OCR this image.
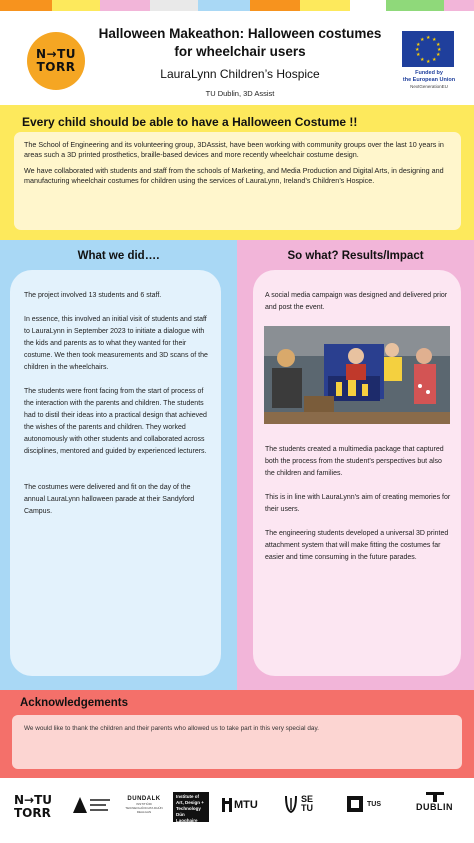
N→TU
TORR
Halloween Makeathon: Halloween costumes
for wheelchair users
LauraLynn Children’s Hospice
TU Dublin, 3D Assist
★ ★
★
★
★
★
★
★
★
★
★
★
Funded by
the European Union
NextGenerationEU
Every child should be able to have a Halloween Costume !!

The School of Engineering and its volunteering group, 3DAssist, have been working with community groups over the last 10 years in areas such a 3D printed prosthetics, braille-based devices and more recently wheelchair costume design.

We have collaborated with students and staff from the schools of Marketing, and Media Production and Digital Arts, in designing and manufacturing wheelchair costumes for children using the services of LauraLynn, Ireland’s Children’s Hospice.

What we did….

The project involved 13 students and 6 staff.

In essence, this involved an initial visit of students and staff to LauraLynn in September 2023 to initiate a dialogue with the kids and parents as to what they wanted for their costume. We then took measurements and 3D scans of the children in the wheelchairs.

The students were front facing from the start of process of the interaction with the parents and children. The students had to distil their ideas into a practical design that achieved the wishes of the parents and children. They worked autonomously with other students and collaborated across disciplines, mentored and guided by experienced lecturers.

The costumes were delivered and fit on the day of the annual LauraLynn halloween parade at their Sandyford Campus.

So what? Results/Impact

A social media campaign was designed and delivered prior and post the event.

The students created a multimedia package that captured both the process from the student’s perspectives but also the children and families.

This is in line with LauraLynn’s aim of creating memories for their users.

The engineering students developed a universal 3D printed attachment system that will make fitting the costumes far easier and time consuming in the future parades.

Acknowledgements
We would like to thank the children and their parents who allowed us to take part in this very special day.
N→TU
TORR
DUNDALK
INSTITIÚID TEICNEOLAÍOCHTA DHÚN DEALGAN
Institute of
Art, Design +
Technology
Dún Laoghaire
MTU	SE
TU	TUS	DUBLIN
